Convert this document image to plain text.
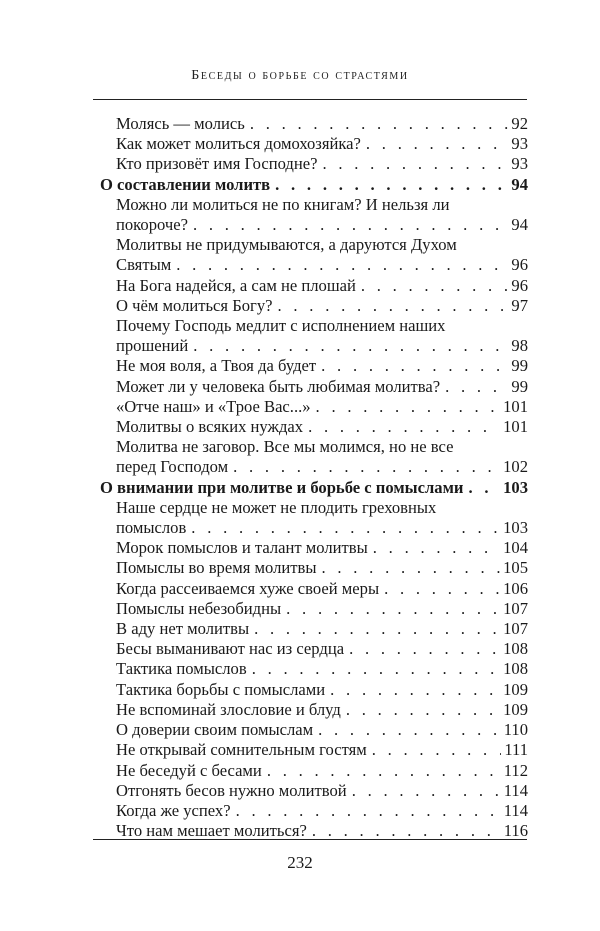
Беседы о борьбе со страстями
Молясь — молись . . .	92
Как может молиться домохозяйка? . . .	93
Кто призовёт имя Господне? . . .	93
О составлении молитв . . .	94
Можно ли молиться не по книгам? И нельзя ли
покороче? . . .	94
Молитвы не придумываются, а даруются Духом
Святым . . .	96
На Бога надейся, а сам не плошай . . .	96
О чём молиться Богу? . . .	97
Почему Господь медлит с исполнением наших
прошений . . .	98
Не моя воля, а Твоя да будет . . .	99
Может ли у человека быть любимая молитва? . . .	99
«Отче наш» и «Трое Вас...» . . .	101
Молитвы о всяких нуждах . . .	101
Молитва не заговор. Все мы молимся, но не все
перед Господом . . .	102
О внимании при молитве и борьбе с помыслами . . . 103
Наше сердце не может не плодить греховных
помыслов . . .	103
Морок помыслов и талант молитвы . . .	104
Помыслы во время молитвы . . .	105
Когда рассеиваемся хуже своей меры . . .	106
Помыслы небезобидны . . .	107
В аду нет молитвы . . .	107
Бесы выманивают нас из сердца . . .	108
Тактика помыслов . . .	108
Тактика борьбы с помыслами . . .	109
Не вспоминай злословие и блуд . . .	109
О доверии своим помыслам . . .	110
Не открывай сомнительным гостям . . .	111
Не беседуй с бесами . . .	112
Отгонять бесов нужно молитвой . . .	114
Когда же успех? . . .	114
Что нам мешает молиться? . . .	116
232
